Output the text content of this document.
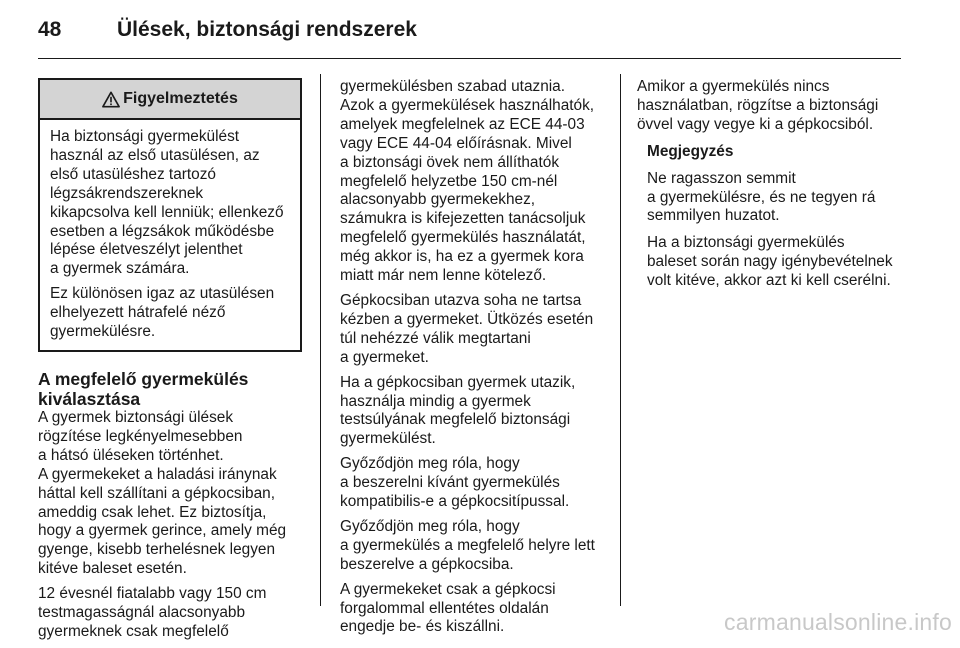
48	Ülések, biztonsági rendszerek
Figyelmeztetés

Ha biztonsági gyermekülést
használ az első utasülésen, az
első utasüléshez tartozó
légzsákrendszereknek
kikapcsolva kell lenniük; ellenkező
esetben a légzsákok működésbe
lépése életveszélyt jelenthet
a gyermek számára.

Ez különösen igaz az utasülésen
elhelyezett hátrafelé néző
gyermekülésre.

A megfelelő gyermekülés
kiválasztása

A gyermek biztonsági ülések
rögzítése legkényelmesebben
a hátsó üléseken történhet.

A gyermekeket a haladási iránynak
háttal kell szállítani a gépkocsiban,
ameddig csak lehet. Ez biztosítja,
hogy a gyermek gerince, amely még
gyenge, kisebb terhelésnek legyen
kitéve baleset esetén.

12 évesnél fiatalabb vagy 150 cm
testmagasságnál alacsonyabb
gyermeknek csak megfelelő

gyermekülésben szabad utaznia.
Azok a gyermekülések használhatók,
amelyek megfelelnek az ECE 44-03
vagy ECE 44-04 előírásnak. Mivel
a biztonsági övek nem állíthatók
megfelelő helyzetbe 150 cm-nél
alacsonyabb gyermekekhez,
számukra is kifejezetten tanácsoljuk
megfelelő gyermekülés használatát,
még akkor is, ha ez a gyermek kora
miatt már nem lenne kötelező.

Gépkocsiban utazva soha ne tartsa
kézben a gyermeket. Ütközés esetén
túl nehézzé válik megtartani
a gyermeket.

Ha a gépkocsiban gyermek utazik,
használja mindig a gyermek
testsúlyának megfelelő biztonsági
gyermekülést.

Győződjön meg róla, hogy
a beszerelni kívánt gyermekülés
kompatibilis-e a gépkocsitípussal.

Győződjön meg róla, hogy
a gyermekülés a megfelelő helyre lett
beszerelve a gépkocsiba.

A gyermekeket csak a gépkocsi
forgalommal ellentétes oldalán
engedje be- és kiszállni.

Amikor a gyermekülés nincs
használatban, rögzítse a biztonsági
övvel vagy vegye ki a gépkocsiból.

Megjegyzés

Ne ragasszon semmit
a gyermekülésre, és ne tegyen rá
semmilyen huzatot.

Ha a biztonsági gyermekülés
baleset során nagy igénybevételnek
volt kitéve, akkor azt ki kell cserélni.

carmanualsonline.info
